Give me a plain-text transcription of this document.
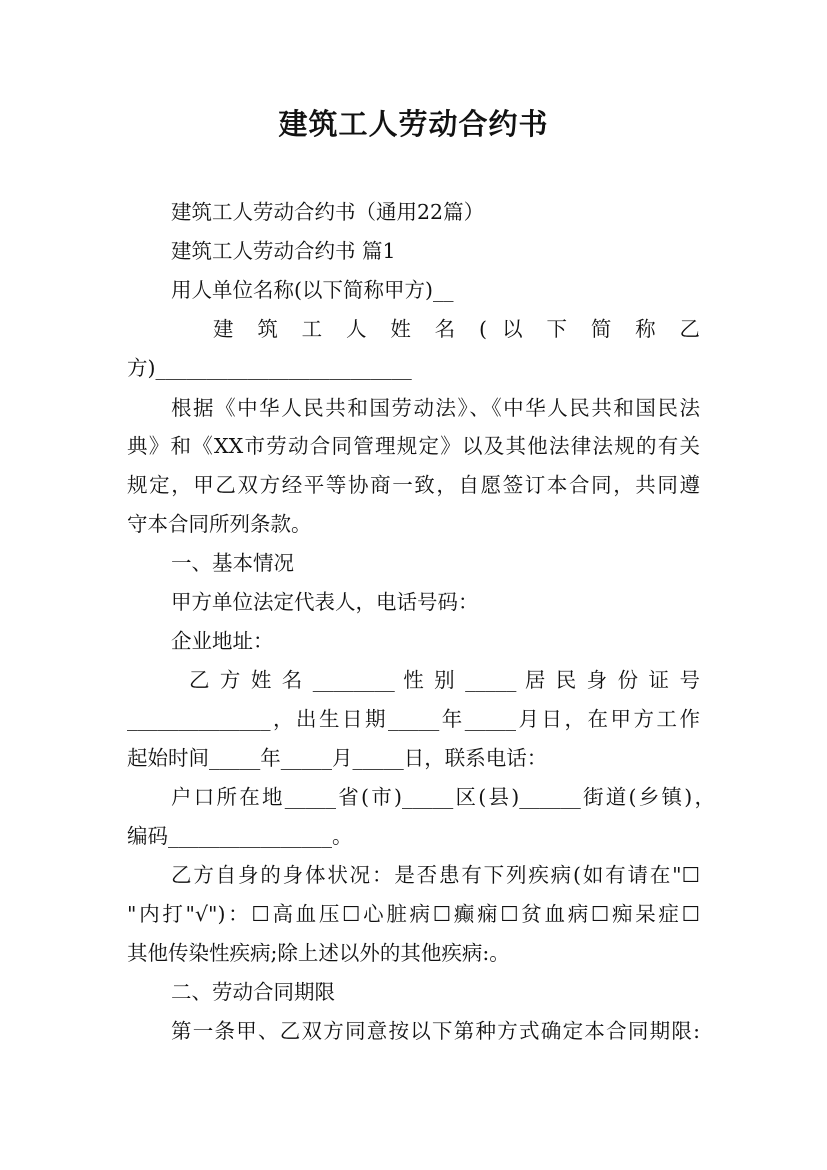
建筑工人劳动合约书
建筑工人劳动合约书（通用22篇）
建筑工人劳动合约书 篇1
用人单位名称(以下简称甲方)__
建 筑 工 人 姓 名 ( 以 下 简 称 乙
方)_________________________
根据《中华人民共和国劳动法》、《中华人民共和国民法
典》和《XX市劳动合同管理规定》以及其他法律法规的有关
规定，甲乙双方经平等协商一致，自愿签订本合同，共同遵
守本合同所列条款。
一、基本情况
甲方单位法定代表人，电话号码：
企业地址：
乙 方 姓 名 ________ 性 别 _____ 居 民 身 份 证 号
______________，出生日期_____年_____月日，在甲方工作
起始时间_____年_____月_____日，联系电话：
户口所在地_____省(市)_____区(县)______街道(乡镇)，
编码________________。
乙方自身的身体状况：是否患有下列疾病(如有请在"☐
"内打"√")：☐高血压☐心脏病☐癫痫☐贫血病☐痴呆症☐
其他传染性疾病;除上述以外的其他疾病:。
二、劳动合同期限
第一条甲、乙双方同意按以下第种方式确定本合同期限:
